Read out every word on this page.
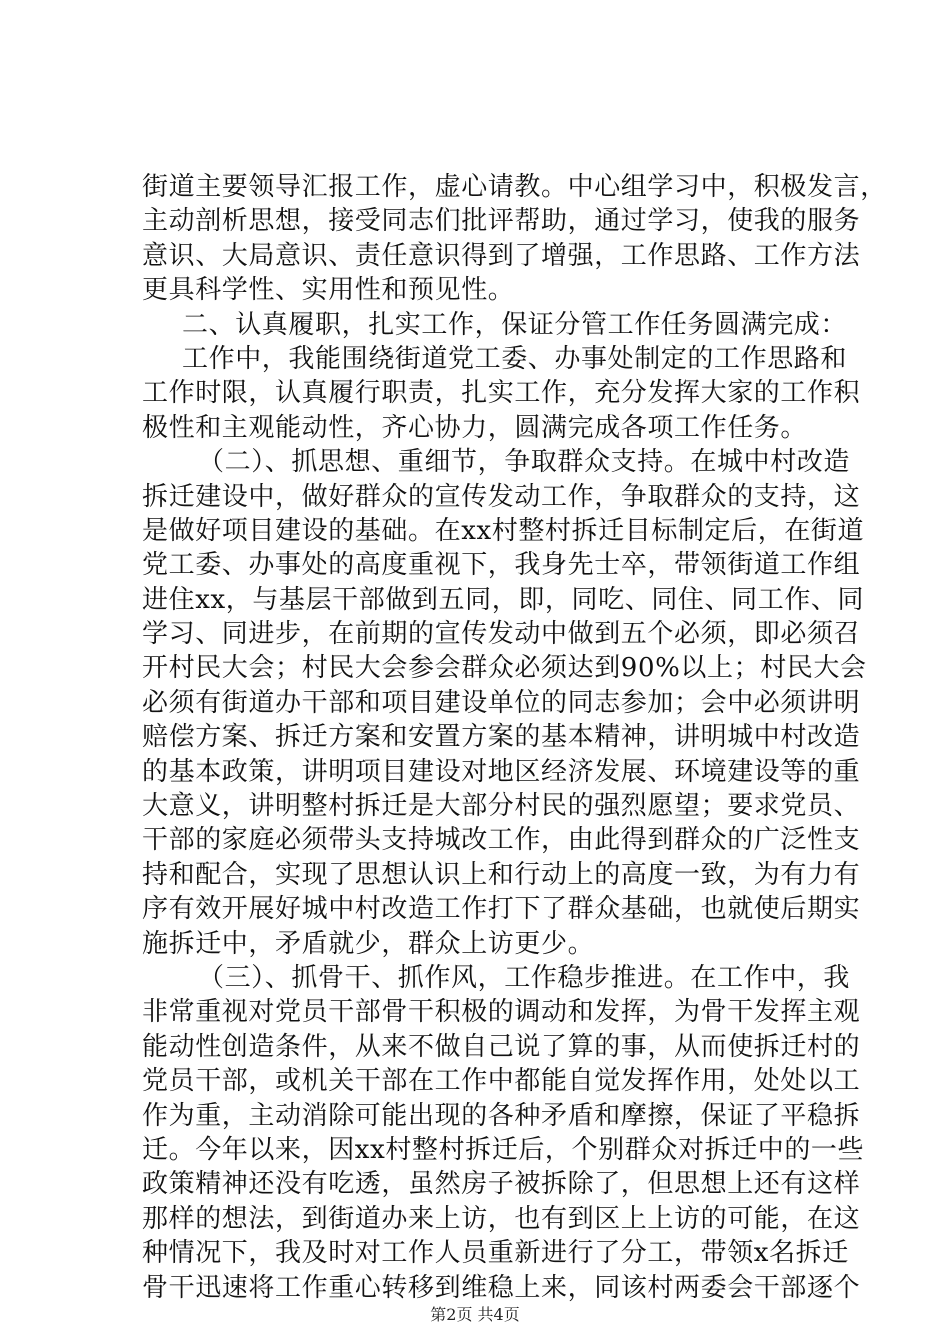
街道主要领导汇报工作，虚心请教。中心组学习中，积极发言，
主动剖析思想，接受同志们批评帮助，通过学习，使我的服务
意识、大局意识、责任意识得到了增强，工作思路、工作方法
更具科学性、实用性和预见性。
二、认真履职，扎实工作，保证分管工作任务圆满完成：
工作中，我能围绕街道党工委、办事处制定的工作思路和
工作时限，认真履行职责，扎实工作，充分发挥大家的工作积
极性和主观能动性，齐心协力，圆满完成各项工作任务。
（二）、抓思想、重细节，争取群众支持。在城中村改造
拆迁建设中，做好群众的宣传发动工作，争取群众的支持，这
是做好项目建设的基础。在xx村整村拆迁目标制定后，在街道
党工委、办事处的高度重视下，我身先士卒，带领街道工作组
进住xx，与基层干部做到五同，即，同吃、同住、同工作、同
学习、同进步，在前期的宣传发动中做到五个必须，即必须召
开村民大会；村民大会参会群众必须达到90%以上；村民大会
必须有街道办干部和项目建设单位的同志参加；会中必须讲明
赔偿方案、拆迁方案和安置方案的基本精神，讲明城中村改造
的基本政策，讲明项目建设对地区经济发展、环境建设等的重
大意义，讲明整村拆迁是大部分村民的强烈愿望；要求党员、
干部的家庭必须带头支持城改工作，由此得到群众的广泛性支
持和配合，实现了思想认识上和行动上的高度一致，为有力有
序有效开展好城中村改造工作打下了群众基础，也就使后期实
施拆迁中，矛盾就少，群众上访更少。
（三）、抓骨干、抓作风，工作稳步推进。在工作中，我
非常重视对党员干部骨干积极的调动和发挥，为骨干发挥主观
能动性创造条件，从来不做自己说了算的事，从而使拆迁村的
党员干部，或机关干部在工作中都能自觉发挥作用，处处以工
作为重，主动消除可能出现的各种矛盾和摩擦，保证了平稳拆
迁。今年以来，因xx村整村拆迁后，个别群众对拆迁中的一些
政策精神还没有吃透，虽然房子被拆除了，但思想上还有这样
那样的想法，到街道办来上访，也有到区上上访的可能，在这
种情况下，我及时对工作人员重新进行了分工，带领x名拆迁
骨干迅速将工作重心转移到维稳上来，同该村两委会干部逐个
第2页 共4页
